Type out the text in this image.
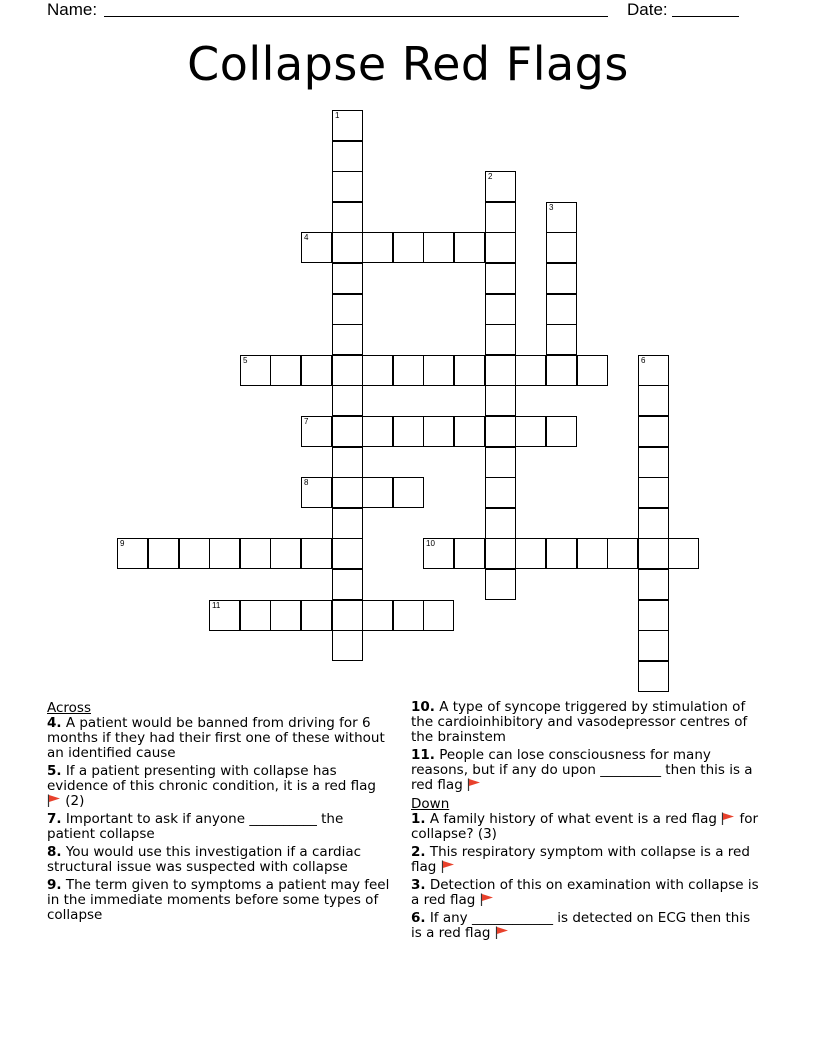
Name:	Date:
Collapse Red Flags
1
2
3
6
4
5
7
8
9	10
11

Across

4. A patient would be banned from driving for 6 months if they had their first one of these without an identified cause

5. If a patient presenting with collapse has evidence of this chronic condition, it is a red flag  (2)

7. Important to ask if anyone __________ the patient collapse

8. You would use this investigation if a cardiac structural issue was suspected with collapse

9. The term given to symptoms a patient may feel in the immediate moments before some types of collapse

10. A type of syncope triggered by stimulation of the cardioinhibitory and vasodepressor centres of the brainstem

11. People can lose consciousness for many reasons, but if any do upon _________ then this is a red flag

Down

1. A family history of what event is a red flag  for collapse? (3)

2. This respiratory symptom with collapse is a red flag

3. Detection of this on examination with collapse is a red flag

6. If any ____________ is detected on ECG then this is a red flag
